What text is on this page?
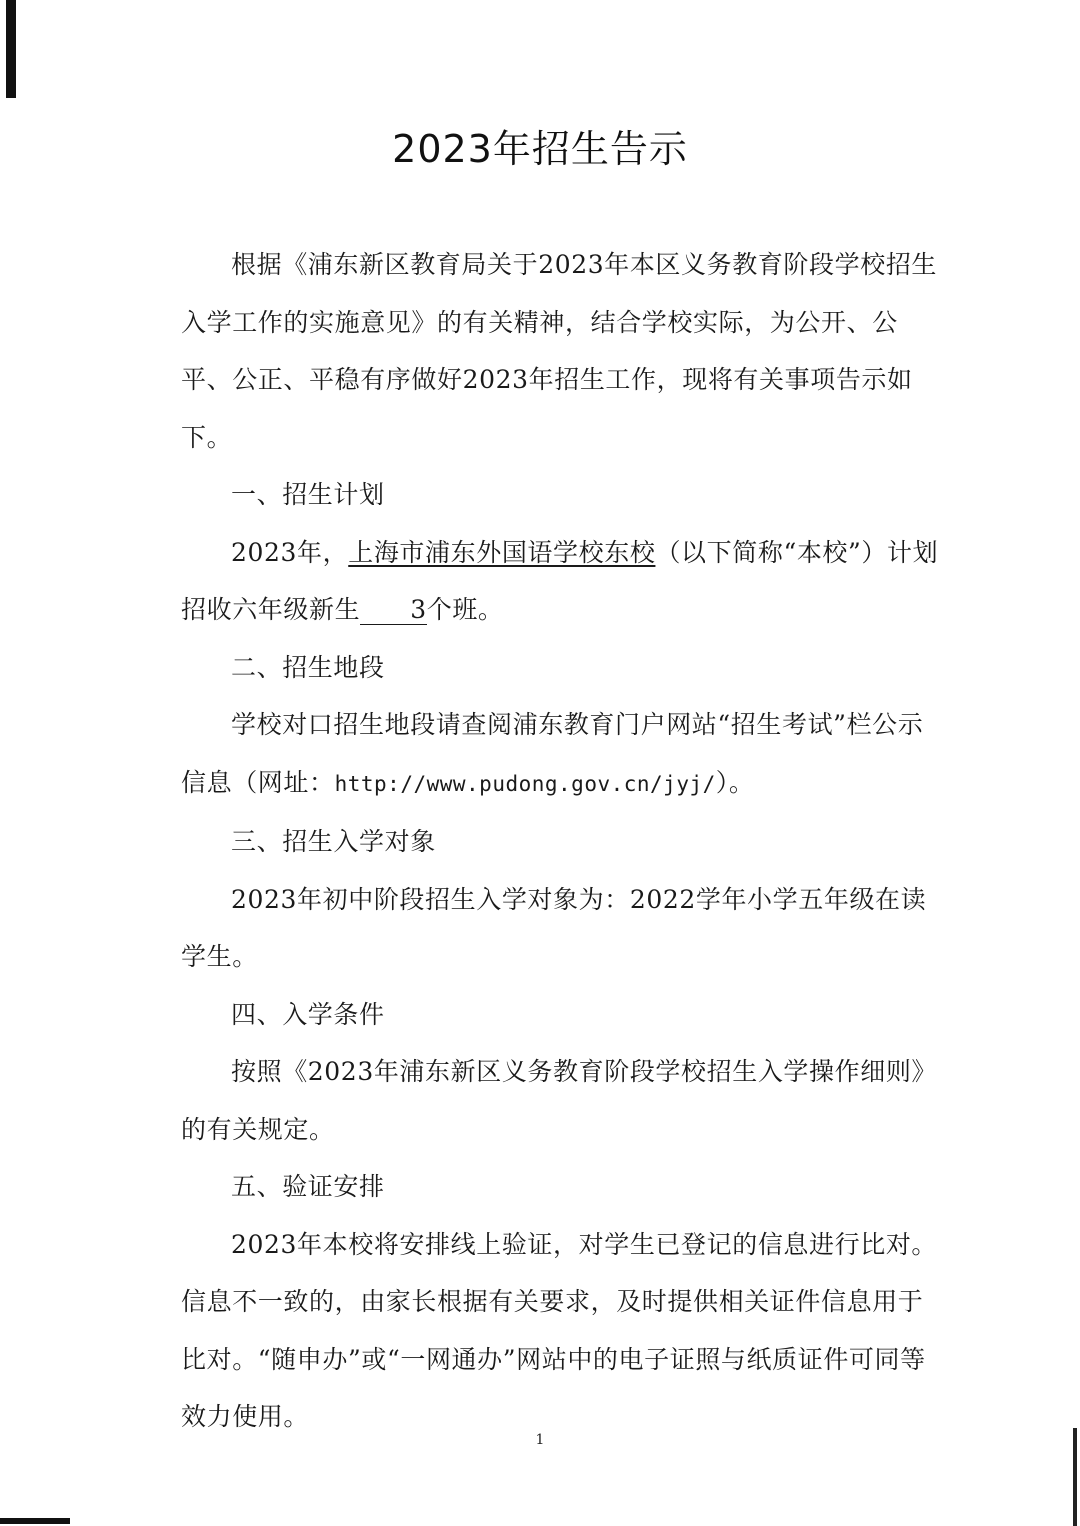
2023年招生告示

根据《浦东新区教育局关于2023年本区义务教育阶段学校招生入学工作的实施意见》的有关精神，结合学校实际，为公开、公平、公正、平稳有序做好2023年招生工作，现将有关事项告示如下。

一、招生计划

2023年，上海市浦东外国语学校东校（以下简称“本校”）计划招收六年级新生 3个班。

二、招生地段

学校对口招生地段请查阅浦东教育门户网站“招生考试”栏公示信息（网址：http://www.pudong.gov.cn/jyj/）。

三、招生入学对象

2023年初中阶段招生入学对象为：2022学年小学五年级在读学生。

四、入学条件

按照《2023年浦东新区义务教育阶段学校招生入学操作细则》的有关规定。

五、验证安排

2023年本校将安排线上验证，对学生已登记的信息进行比对。信息不一致的，由家长根据有关要求，及时提供相关证件信息用于比对。“随申办”或“一网通办”网站中的电子证照与纸质证件可同等效力使用。

1
